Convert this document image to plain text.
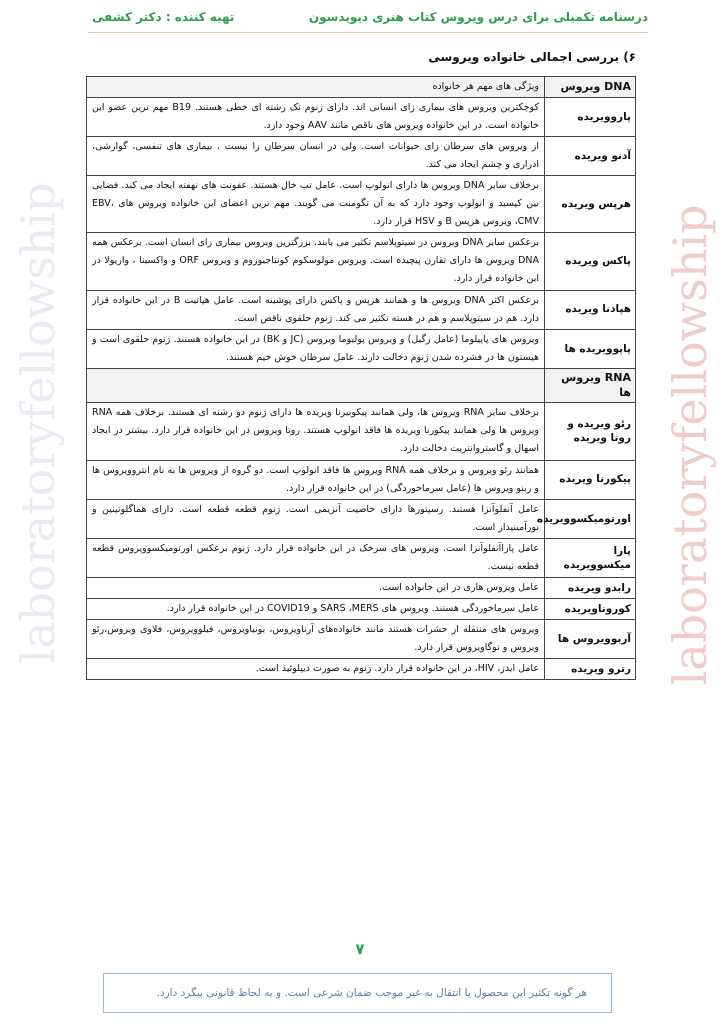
درسنامه تکمیلی برای درس ویروس کتاب هنری دیویدسون
تهیه کننده : دکتر کشفی
laboratoryfellowship	laboratoryfellowship
۶) بررسی اجمالی خانواده ویروسی
DNA ویروس	ویژگی های مهم هر خانواده
پاروویریده	کوچکترین ویروس های بیماری زای انسانی اند. دارای ژنوم تک رشته ای خطی هستند. B19 مهم ترین عضو این خانواده است. در این خانواده ویروس های ناقص مانند AAV وجود دارد.
آدنو ویریده	از ویروس های سرطان زای حیوانات است. ولی در انسان سرطان زا نیست . بیماری های تنفسی، گوارشی، ادراری و چشم ایجاد می کند.
هرپس ویریده	برخلاف سایر DNA ویروس ها دارای انولوپ است. عامل تب خال هستند. عفونت های نهفته ایجاد می کند. فضایی بین کپسید و انولوپ وجود دارد که به آن تگومنت می گویند. مهم ترین اعضای این خانواده ویروس های EBV، CMV، ویروس هرپس B و HSV قرار دارد.
پاکس ویریده	برعکس سایر DNA ویروس در سیتوپلاسم تکثیر می یابند. بزرگترین ویروس بیماری زای انسان است. برعکس همه DNA ویروس ها دارای تقارن پیچیده است. ویروس مولوسکوم کونتاجیوزوم و ویروس ORF و واکسینا ، واریولا در این خانواده قرار دارد.
هپادنا ویریده	برعکس اکثر DNA ویروس ها و همانند هرپس و پاکس دارای پوشینه است. عامل هپاتیت B در این خانواده قرار دارد. هم در سیتوپلاسم و هم در هسته تکثیر می کند. ژنوم حلقوی ناقص است.
پاپوویریده ها	ویروس های پاپیلوما (عامل زگیل) و ویروس پولیوما ویروس (JC و BK) در این خانواده هستند. ژنوم حلقوی است و هیستون ها در فشرده شدن ژنوم دخالت دارند. عامل سرطان خوش خیم هستند.
RNA ویروس ها	
رئو ویریده و روتا ویریده	برخلاف سایر RNA ویروس ها، ولی همانند پیکوبیرنا ویریده ها دارای ژنوم دو رشته ای هستند. برخلاف همه RNA ویروس ها ولی همانند پیکورنا ویریده ها فاقد انولوپ هستند. روتا ویروس در این خانواده قرار دارد. بیشتر در ایجاد اسهال و گاستروانتریت دخالت دارد.
پیکورنا ویریده	همانند رئو ویروس و برخلاف همه RNA ویروس ها فاقد انولوپ است. دو گروه از ویروس ها به نام انتروویروس ها و رینو ویروس ها (عامل سرماخوردگی) در این خانواده قرار دارد.
اورتومیکسوویریده	عامل آنفلوآنزا هستند. رسپتورها دارای خاصیت آنزیمی است. ژنوم قطعه قطعه است. دارای هماگلوتینین و نورآمینیداز است.
پارا میکسوویریده	عامل پاراآنفلوآنزا است. ویروس های سرخک در این خانواده قرار دارد. ژنوم برعکس اورتومیکسوویروس قطعه قطعه نیست.
رابدو ویریده	عامل ویروس هاری در این خانواده است.
کوروناویریده	عامل سرماخوردگی هستند. ویروس های SARS ،MERS و COVID19 در این خانواده قرار دارد.
آربوویروس ها	ویروس های منتقله از حشرات هستند مانند خانواده‌های آرناویروس، بونیاویروس، فیلوویروس، فلاوی ویروس،رئو ویروس و توگاویروس قرار دارد.
رترو ویریده	عامل ایدز، HIV، در این خانواده قرار دارد. ژنوم به صورت دیپلوئید است.
۷
هر گونه تکثیر این محصول یا انتقال به غیر موجب ضمان شرعی است. و به لحاظ قانونی پیگرد دارد.
